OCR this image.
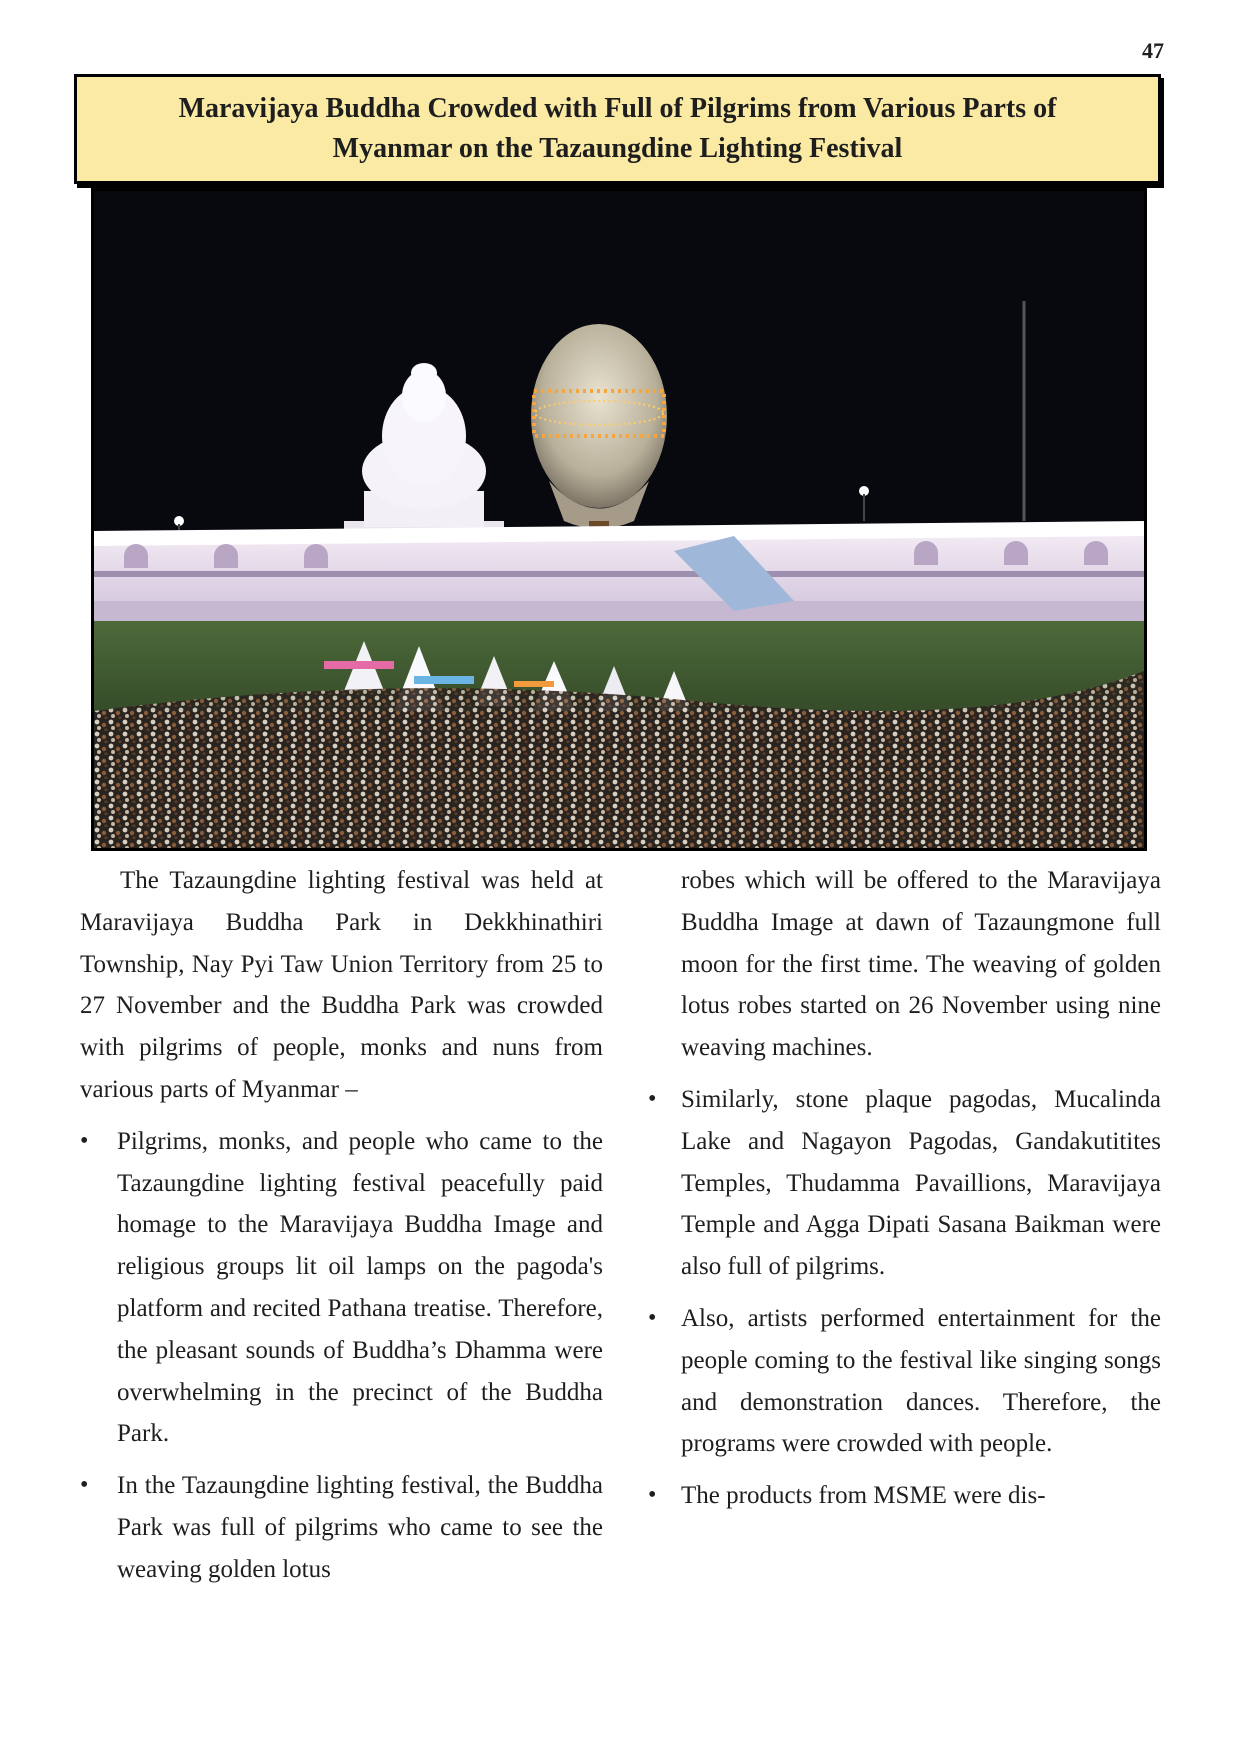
47
Maravijaya Buddha Crowded with Full of Pilgrims from Various Parts of Myanmar on the Tazaungdine Lighting Festival

The Tazaungdine lighting festival was held at Maravijaya Buddha Park in Dekkhinathiri Township, Nay Pyi Taw Union Territory from 25 to 27 November and the Buddha Park was crowded with pilgrims of people, monks and nuns from various parts of Myanmar –

• Pilgrims, monks, and people who came to the Tazaungdine lighting festival peacefully paid homage to the Maravijaya Buddha Image and religious groups lit oil lamps on the pagoda's platform and recited Pathana treatise. Therefore, the pleasant sounds of Buddha’s Dhamma were overwhelming in the precinct of the Buddha Park.

• In the Tazaungdine lighting festival, the Buddha Park was full of pilgrims who came to see the weaving golden lotus

robes which will be offered to the Maravijaya Buddha Image at dawn of Tazaungmone full moon for the first time. The weaving of golden lotus robes started on 26 November using nine weaving machines.

• Similarly, stone plaque pagodas, Mucalinda Lake and Nagayon Pagodas, Gandakutitites Temples, Thudamma Pavaillions, Maravijaya Temple and Agga Dipati Sasana Baikman were also full of pilgrims.

• Also, artists performed entertainment for the people coming to the festival like singing songs and demonstration dances. Therefore, the programs were crowded with people.

• The products from MSME were dis-
